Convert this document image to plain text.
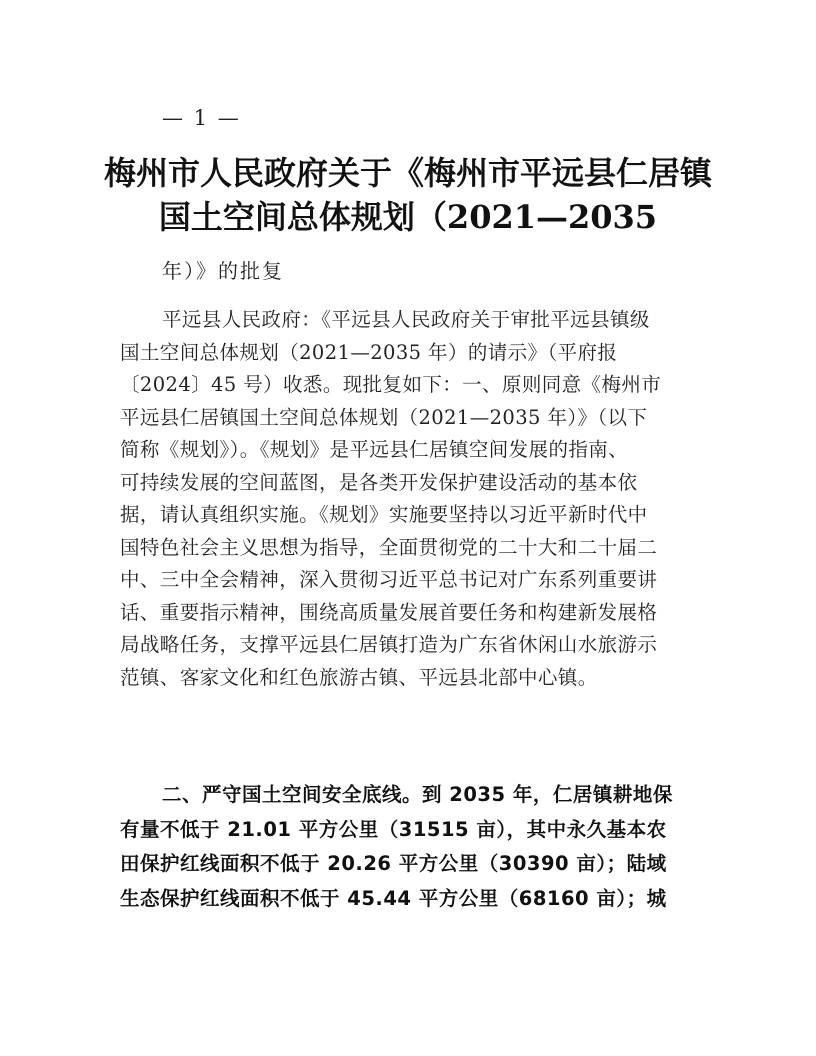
— 1 —
梅州市人民政府关于《梅州市平远县仁居镇
国土空间总体规划（2021—2035
年）》的批复
平远县人民政府：《平远县人民政府关于审批平远县镇级
国土空间总体规划（2021—2035 年）的请示》（平府报
〔2024〕45 号）收悉。现批复如下：一、原则同意《梅州市
平远县仁居镇国土空间总体规划（2021—2035 年）》（以下
简称《规划》）。《规划》是平远县仁居镇空间发展的指南、
可持续发展的空间蓝图，是各类开发保护建设活动的基本依
据，请认真组织实施。《规划》实施要坚持以习近平新时代中
国特色社会主义思想为指导，全面贯彻党的二十大和二十届二
中、三中全会精神，深入贯彻习近平总书记对广东系列重要讲
话、重要指示精神，围绕高质量发展首要任务和构建新发展格
局战略任务，支撑平远县仁居镇打造为广东省休闲山水旅游示
范镇、客家文化和红色旅游古镇、平远县北部中心镇。
二、严守国土空间安全底线。到 2035 年，仁居镇耕地保
有量不低于 21.01 平方公里（31515 亩），其中永久基本农
田保护红线面积不低于 20.26 平方公里（30390 亩）；陆域
生态保护红线面积不低于 45.44 平方公里（68160 亩）；城
